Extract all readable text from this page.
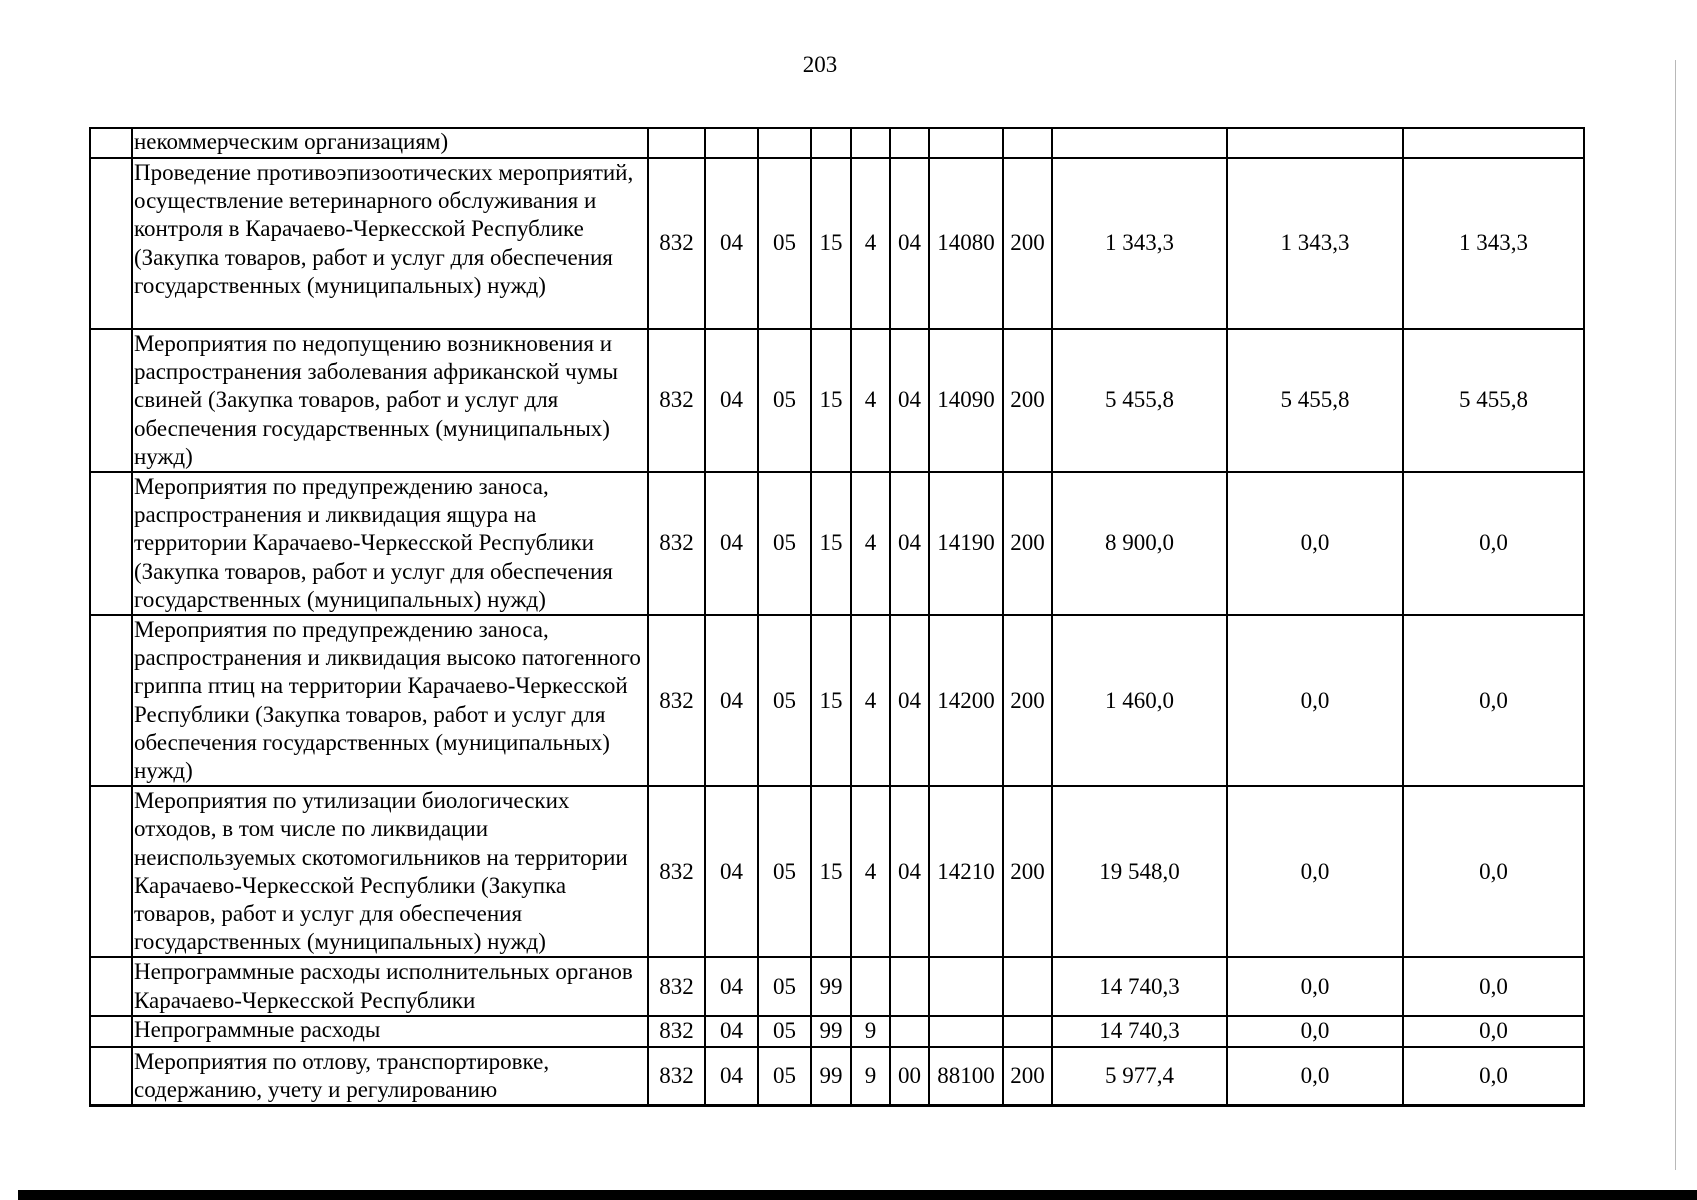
203
	некоммерческим организациям)											
	Проведение противоэпизоотических мероприятий, осуществление ветеринарного обслуживания и контроля в Карачаево-Черкесской Республике (Закупка товаров, работ и услуг для обеспечения государственных (муниципальных) нужд)	832	04	05	15	4	04	14080	200	1 343,3	1 343,3	1 343,3
	Мероприятия по недопущению возникновения и распространения заболевания африканской чумы свиней (Закупка товаров, работ и услуг для обеспечения государственных (муниципальных) нужд)	832	04	05	15	4	04	14090	200	5 455,8	5 455,8	5 455,8
	Мероприятия по предупреждению заноса, распространения и ликвидация ящура на территории Карачаево-Черкесской Республики (Закупка товаров, работ и услуг для обеспечения государственных (муниципальных) нужд)	832	04	05	15	4	04	14190	200	8 900,0	0,0	0,0
	Мероприятия по предупреждению заноса, распространения и ликвидация высоко патогенного гриппа птиц на территории Карачаево-Черкесской Республики (Закупка товаров, работ и услуг для обеспечения государственных (муниципальных) нужд)	832	04	05	15	4	04	14200	200	1 460,0	0,0	0,0
	Мероприятия по утилизации биологических отходов, в том числе по ликвидации неиспользуемых скотомогильников на территории Карачаево-Черкесской Республики (Закупка товаров, работ и услуг для обеспечения государственных (муниципальных) нужд)	832	04	05	15	4	04	14210	200	19 548,0	0,0	0,0
	Непрограммные расходы исполнительных органов Карачаево-Черкесской Республики	832	04	05	99					14 740,3	0,0	0,0
	Непрограммные расходы	832	04	05	99	9				14 740,3	0,0	0,0
	Мероприятия по отлову, транспортировке, содержанию, учету и регулированию	832	04	05	99	9	00	88100	200	5 977,4	0,0	0,0
